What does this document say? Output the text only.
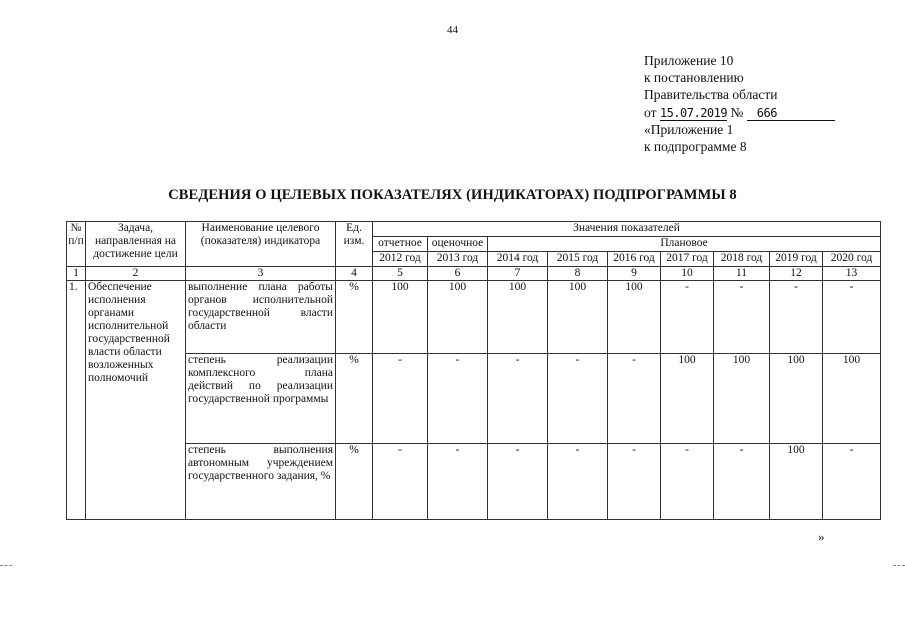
44
Приложение 10
к постановлению
Правительства области
от 15.07.2019 № 666
«Приложение 1
к подпрограмме 8
СВЕДЕНИЯ О ЦЕЛЕВЫХ ПОКАЗАТЕЛЯХ (ИНДИКАТОРАХ) ПОДПРОГРАММЫ 8
№ п/п	Задача, направленная на достижение цели	Наименование целевого (показателя) индикатора	Ед. изм.	Значения показателей								
				отчетное	оценочное	Плановое						
				2012 год	2013 год	2014 год	2015 год	2016 год	2017 год	2018 год	2019 год	2020 год
1	2	3	4	5	6	7	8	9	10	11	12	13
1.	Обеспечение исполнения органами исполнительной государственной власти области возложенных полномочий	выполнение плана работы органов исполнительной государственной власти области	%	100	100	100	100	100	-	-	-	-
		степень реализации комплексного плана действий по реализации государственной программы	%	-	-	-	-	-	100	100	100	100
		степень выполнения автономным учреждением государственного задания, %	%	-	-	-	-	-	-	-	100	-
»
